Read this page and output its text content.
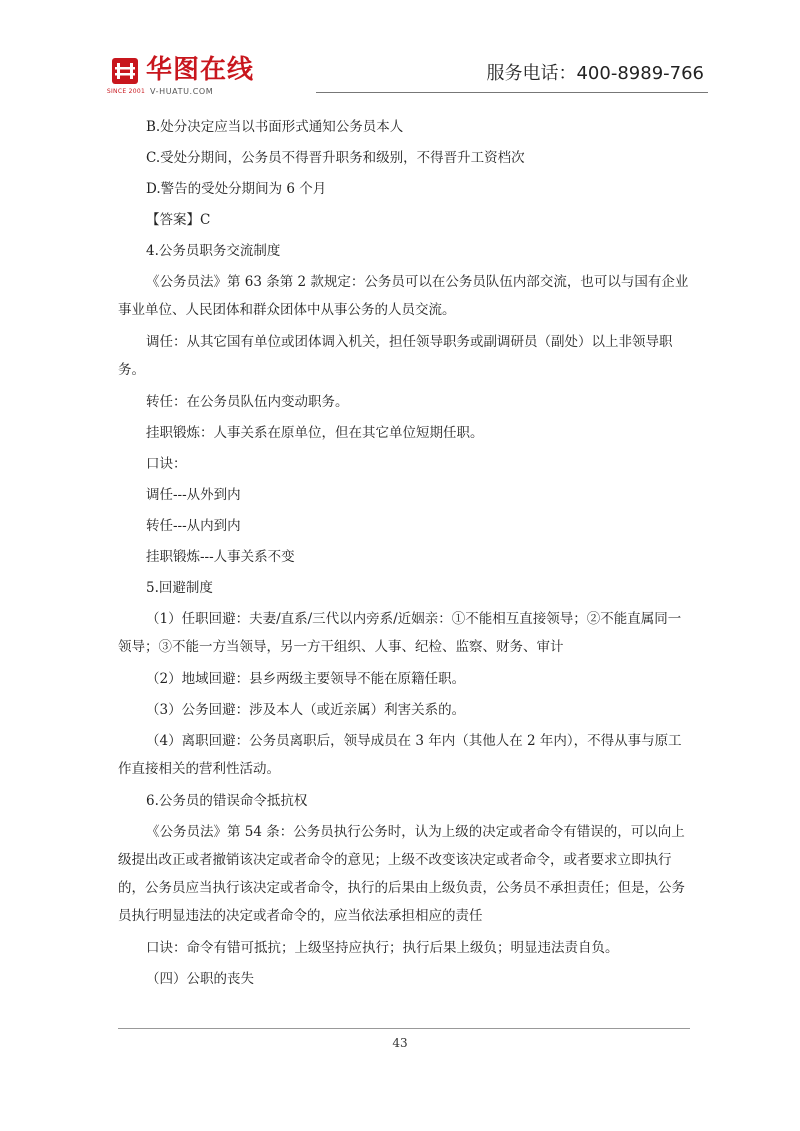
SINCE 2001
华图在线
V-HUATU.COM
服务电话：400-8989-766

B.处分决定应当以书面形式通知公务员本人

C.受处分期间，公务员不得晋升职务和级别，不得晋升工资档次

D.警告的受处分期间为 6 个月

【答案】C

4.公务员职务交流制度

《公务员法》第 63 条第 2 款规定：公务员可以在公务员队伍内部交流，也可以与国有企业事业单位、人民团体和群众团体中从事公务的人员交流。

调任：从其它国有单位或团体调入机关，担任领导职务或副调研员（副处）以上非领导职务。

转任：在公务员队伍内变动职务。

挂职锻炼：人事关系在原单位，但在其它单位短期任职。

口诀：

调任---从外到内

转任---从内到内

挂职锻炼---人事关系不变

5.回避制度

（1）任职回避：夫妻/直系/三代以内旁系/近姻亲：①不能相互直接领导；②不能直属同一领导；③不能一方当领导，另一方干组织、人事、纪检、监察、财务、审计

（2）地域回避：县乡两级主要领导不能在原籍任职。

（3）公务回避：涉及本人（或近亲属）利害关系的。

（4）离职回避：公务员离职后，领导成员在 3 年内（其他人在 2 年内），不得从事与原工作直接相关的营利性活动。

6.公务员的错误命令抵抗权

《公务员法》第 54 条：公务员执行公务时，认为上级的决定或者命令有错误的，可以向上级提出改正或者撤销该决定或者命令的意见；上级不改变该决定或者命令，或者要求立即执行的，公务员应当执行该决定或者命令，执行的后果由上级负责，公务员不承担责任；但是，公务员执行明显违法的决定或者命令的，应当依法承担相应的责任

口诀：命令有错可抵抗；上级坚持应执行；执行后果上级负；明显违法责自负。

（四）公职的丧失

43
